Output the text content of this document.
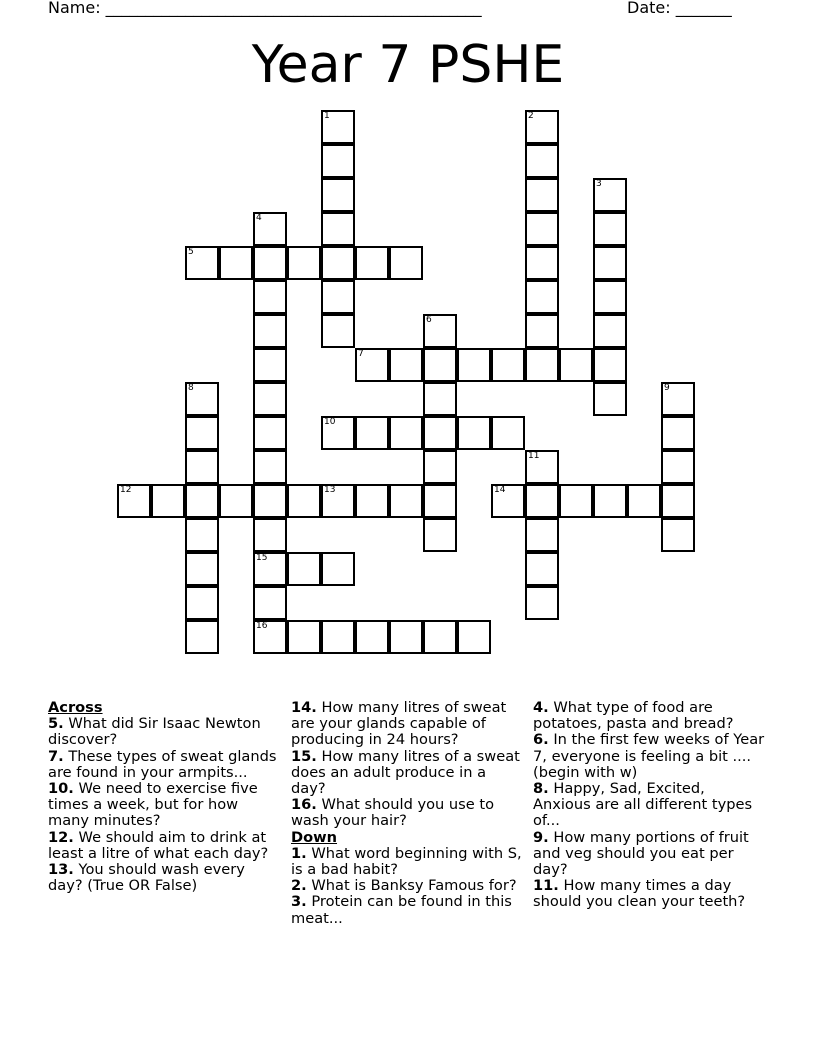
Name: _______________________________________________	Date: _______
Year 7 PSHE
1	2
3
4
5
6
7
8	9
10
11
12	13	14
15
16
Across
5. What did Sir Isaac Newton discover?
7. These types of sweat glands are found in your armpits...
10. We need to exercise five times a week, but for how many minutes?
12. We should aim to drink at least a litre of what each day?
13. You should wash every day? (True OR False)
14. How many litres of sweat are your glands capable of producing in 24 hours?
15. How many litres of a sweat does an adult produce in a day?
16. What should you use to wash your hair?
Down
1. What word beginning with S, is a bad habit?
2. What is Banksy Famous for?
3. Protein can be found in this meat...
4. What type of food are potatoes, pasta and bread?
6. In the first few weeks of Year 7, everyone is feeling a bit ....(begin with w)
8. Happy, Sad, Excited, Anxious are all different types of...
9. How many portions of fruit and veg should you eat per day?
11. How many times a day should you clean your teeth?
